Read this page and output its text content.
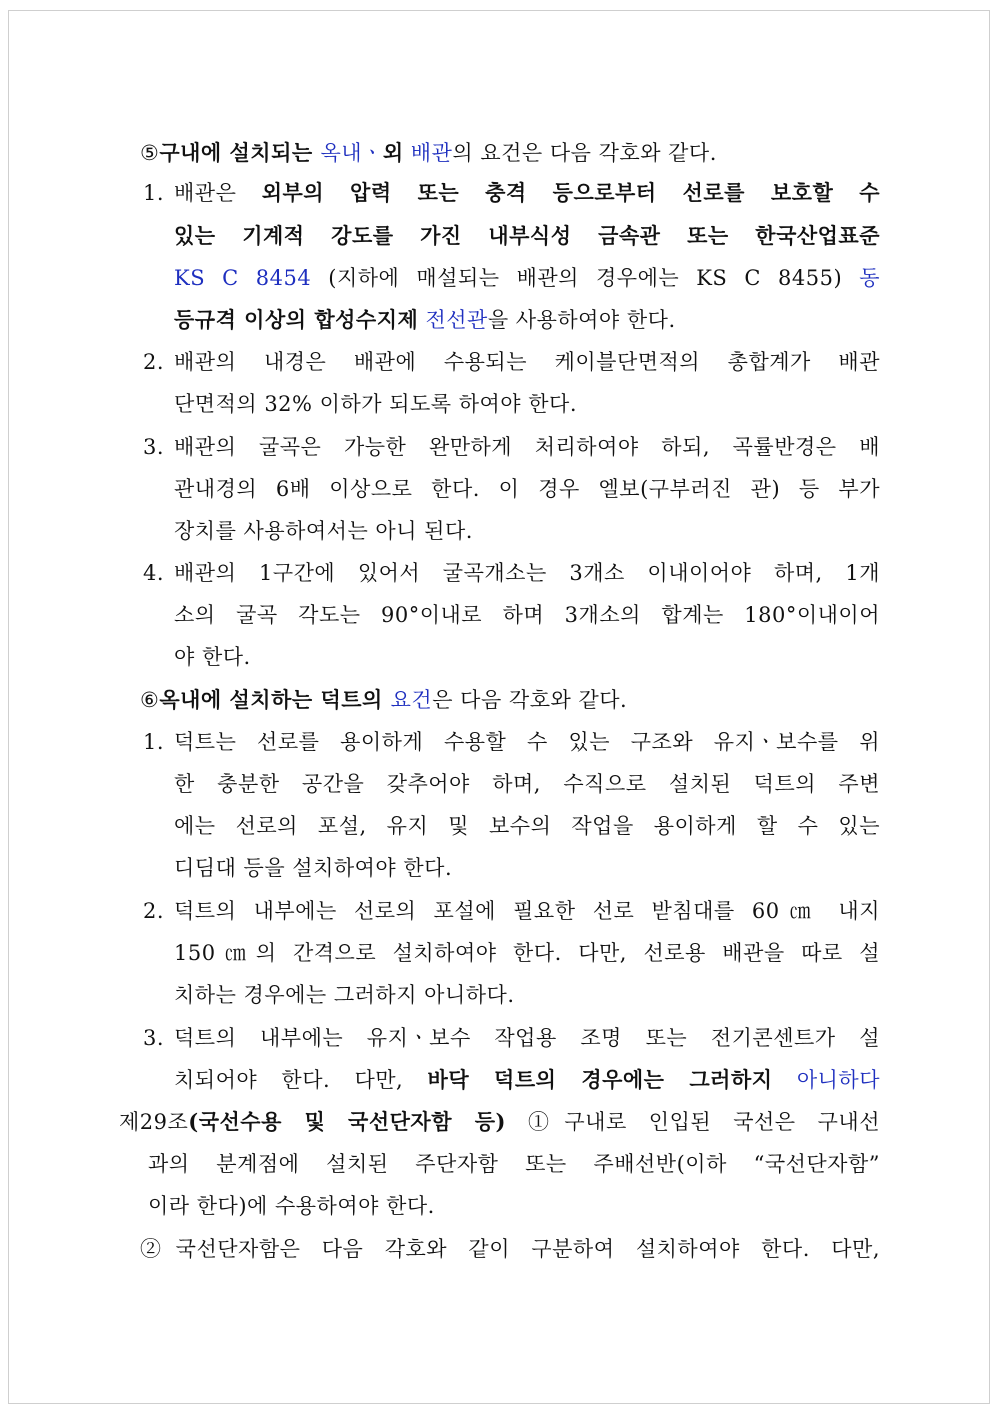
⑤구내에 설치되는 옥내ㆍ외 배관의 요건은 다음 각호와 같다.
1. 배관은 외부의 압력 또는 충격 등으로부터 선로를 보호할 수
있는 기계적 강도를 가진 내부식성 금속관 또는 한국산업표준
KS C 8454 (지하에 매설되는 배관의 경우에는 KS C 8455) 동
등규격 이상의 합성수지제 전선관을 사용하여야 한다.
2. 배관의 내경은 배관에 수용되는 케이블단면적의 총합계가 배관
단면적의 32% 이하가 되도록 하여야 한다.
3. 배관의 굴곡은 가능한 완만하게 처리하여야 하되, 곡률반경은 배
관내경의 6배 이상으로 한다. 이 경우 엘보(구부러진 관) 등 부가
장치를 사용하여서는 아니 된다.
4. 배관의 1구간에 있어서 굴곡개소는 3개소 이내이어야 하며, 1개
소의 굴곡 각도는 90°이내로 하며 3개소의 합계는 180°이내이어
야 한다.
⑥옥내에 설치하는 덕트의 요건은 다음 각호와 같다.
1. 덕트는 선로를 용이하게 수용할 수 있는 구조와 유지ㆍ보수를 위
한 충분한 공간을 갖추어야 하며, 수직으로 설치된 덕트의 주변
에는 선로의 포설, 유지 및 보수의 작업을 용이하게 할 수 있는
디딤대 등을 설치하여야 한다.
2. 덕트의 내부에는 선로의 포설에 필요한 선로 받침대를 60㎝ 내지
150㎝의 간격으로 설치하여야 한다. 다만, 선로용 배관을 따로 설
치하는 경우에는 그러하지 아니하다.
3. 덕트의 내부에는 유지ㆍ보수 작업용 조명 또는 전기콘센트가 설
치되어야 한다. 다만, 바닥 덕트의 경우에는 그러하지 아니하다
제29조(국선수용 및 국선단자함 등) ①구내로 인입된 국선은 구내선
과의 분계점에 설치된 주단자함 또는 주배선반(이하 “국선단자함”
이라 한다)에 수용하여야 한다.
②국선단자함은 다음 각호와 같이 구분하여 설치하여야 한다. 다만,
